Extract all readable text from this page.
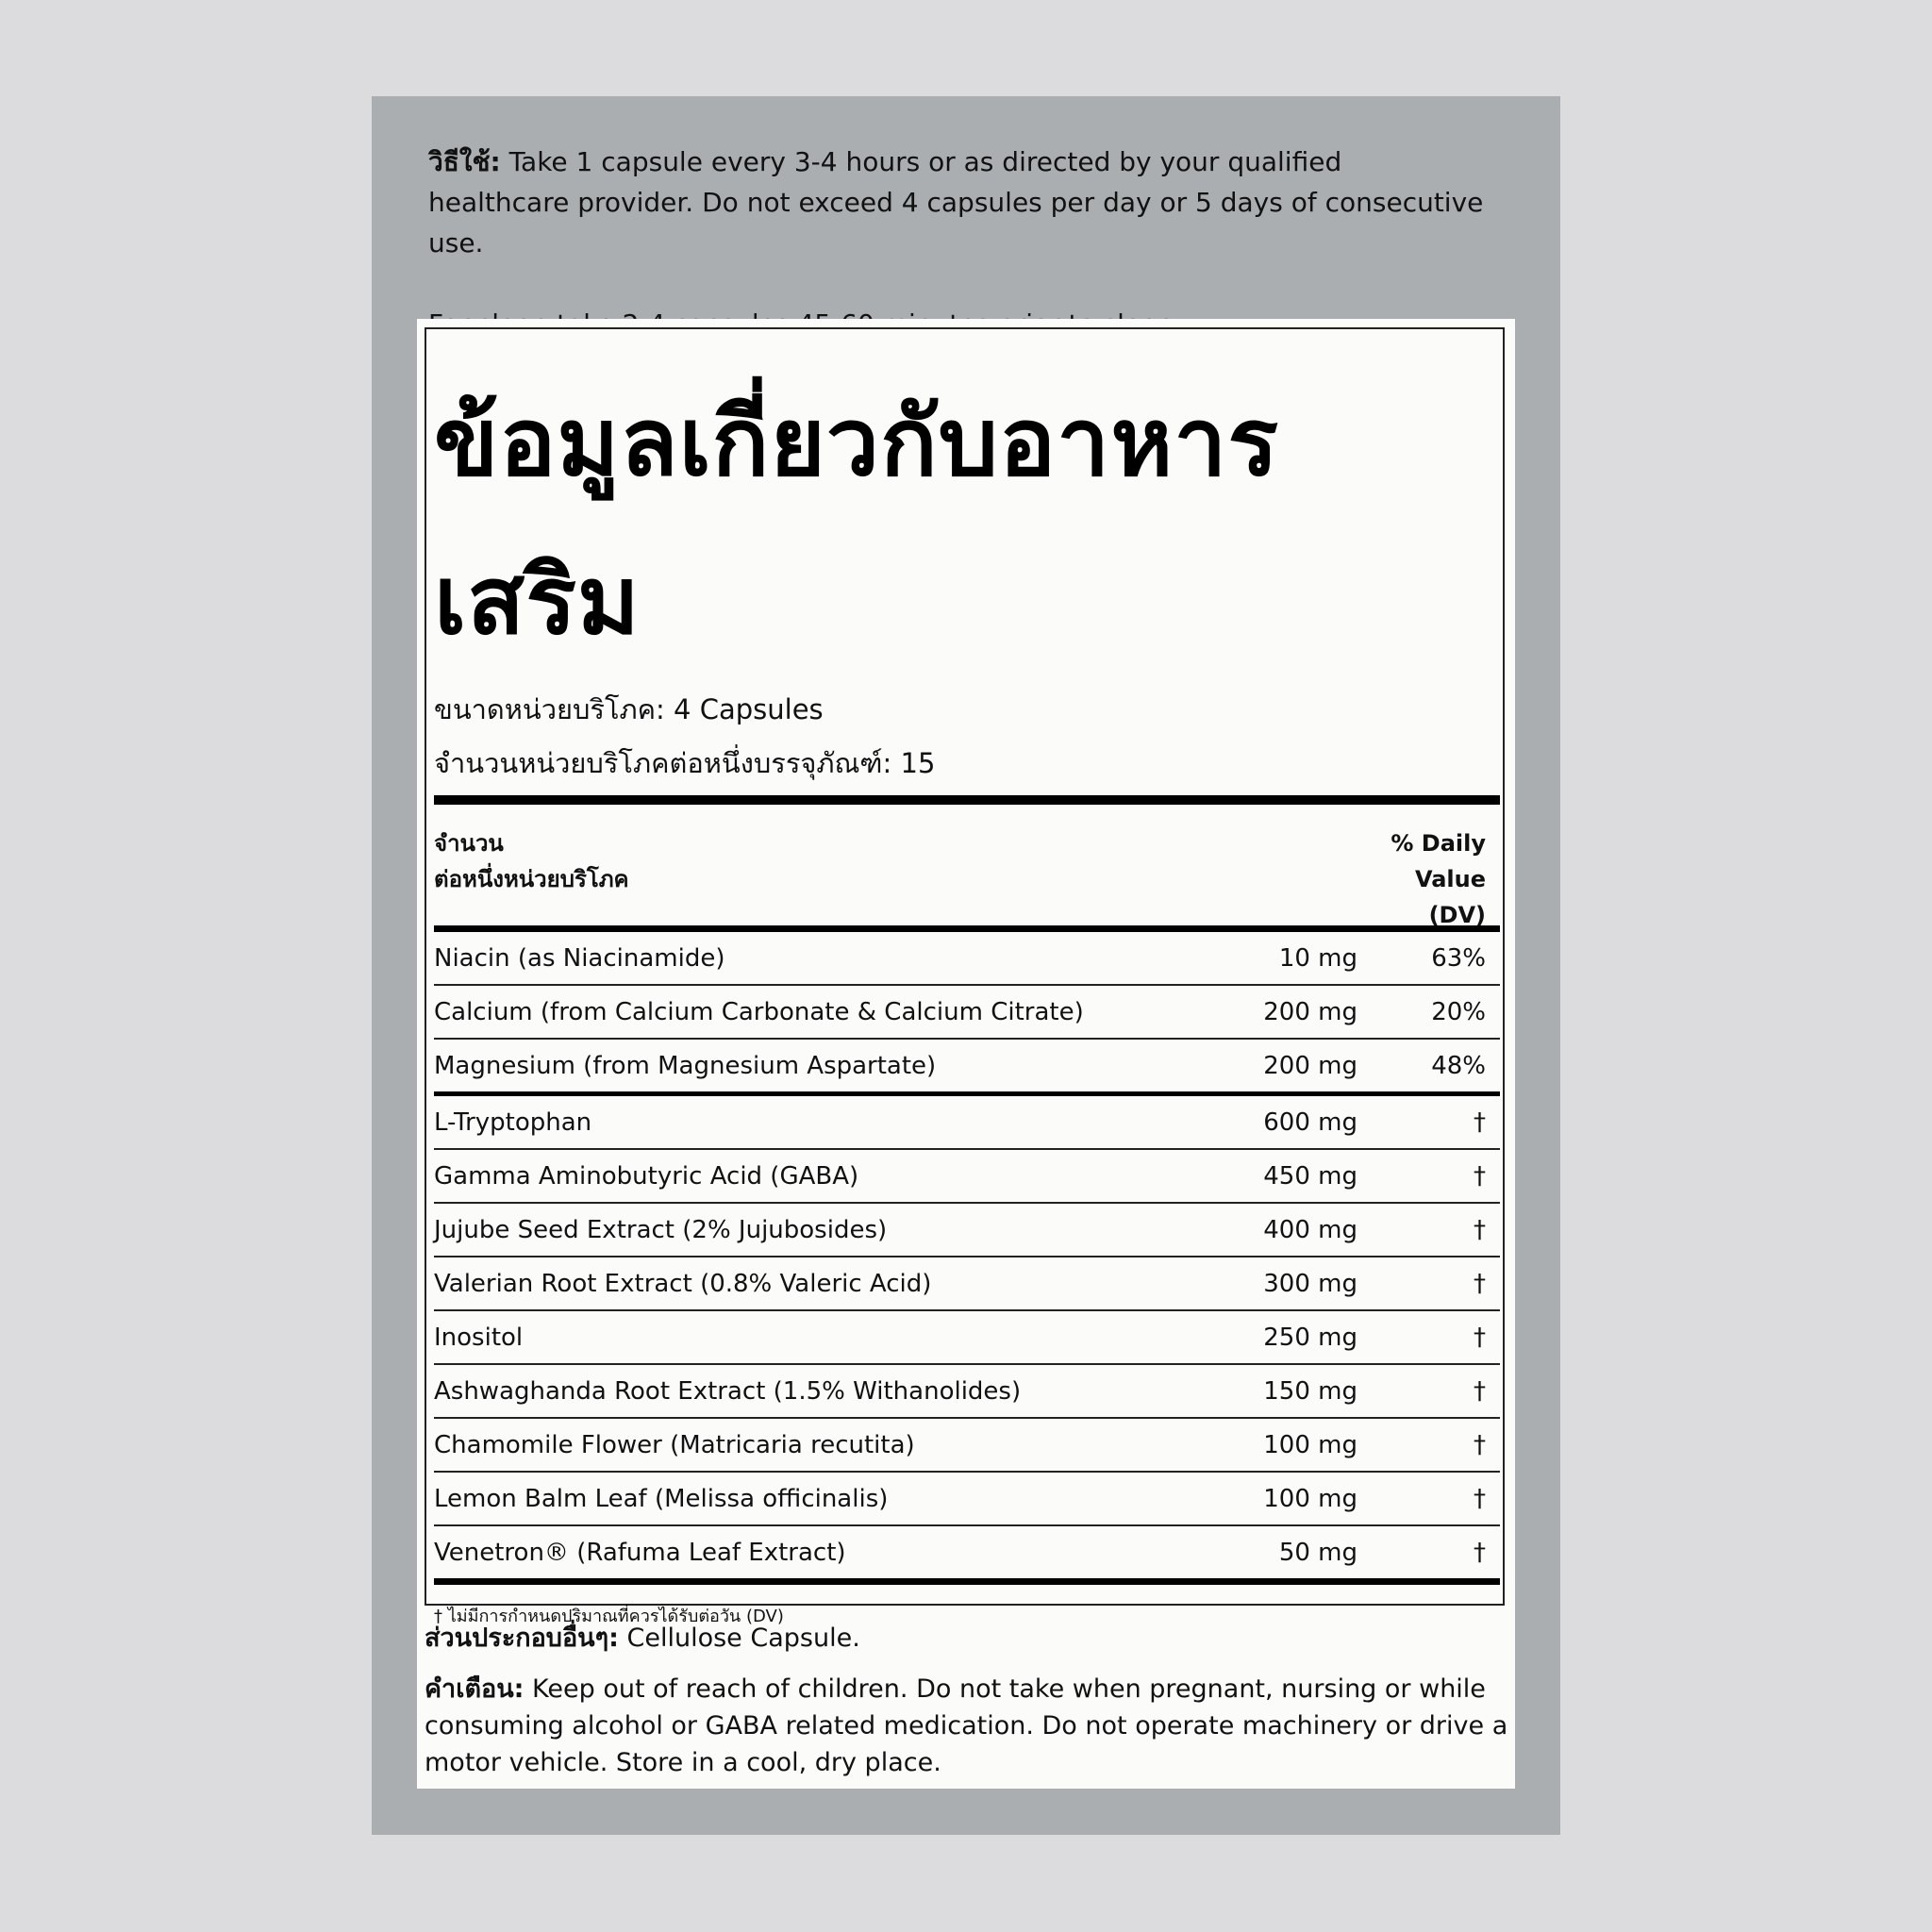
วิธีใช้: Take 1 capsule every 3-4 hours or as directed by your qualified healthcare provider. Do not exceed 4 capsules per day or 5 days of consecutive use.

ข้อมูลเกี่ยวกับอาหาร
เสริม
ขนาดหน่วยบริโภค: 4 Capsules
จำนวนหน่วยบริโภคต่อหนึ่งบรรจุภัณฑ์: 15
จำนวน
ต่อหนึ่งหน่วยบริโภค
% Daily
Value
(DV)
Niacin (as Niacinamide)	10 mg	63%
Calcium (from Calcium Carbonate & Calcium Citrate)	200 mg	20%
Magnesium (from Magnesium Aspartate)	200 mg	48%
L-Tryptophan	600 mg	†
Gamma Aminobutyric Acid (GABA)	450 mg	†
Jujube Seed Extract (2% Jujubosides)	400 mg	†
Valerian Root Extract (0.8% Valeric Acid)	300 mg	†
Inositol	250 mg	†
Ashwaghanda Root Extract (1.5% Withanolides)	150 mg	†
Chamomile Flower (Matricaria recutita)	100 mg	†
Lemon Balm Leaf (Melissa officinalis)	100 mg	†
Venetron® (Rafuma Leaf Extract)	50 mg	†
† ไม่มีการกำหนดปริมาณที่ควรได้รับต่อวัน (DV)
ส่วนประกอบอื่นๆ: Cellulose Capsule.
คำเตือน: Keep out of reach of children. Do not take when pregnant, nursing or while consuming alcohol or GABA related medication. Do not operate machinery or drive a motor vehicle. Store in a cool, dry place.
